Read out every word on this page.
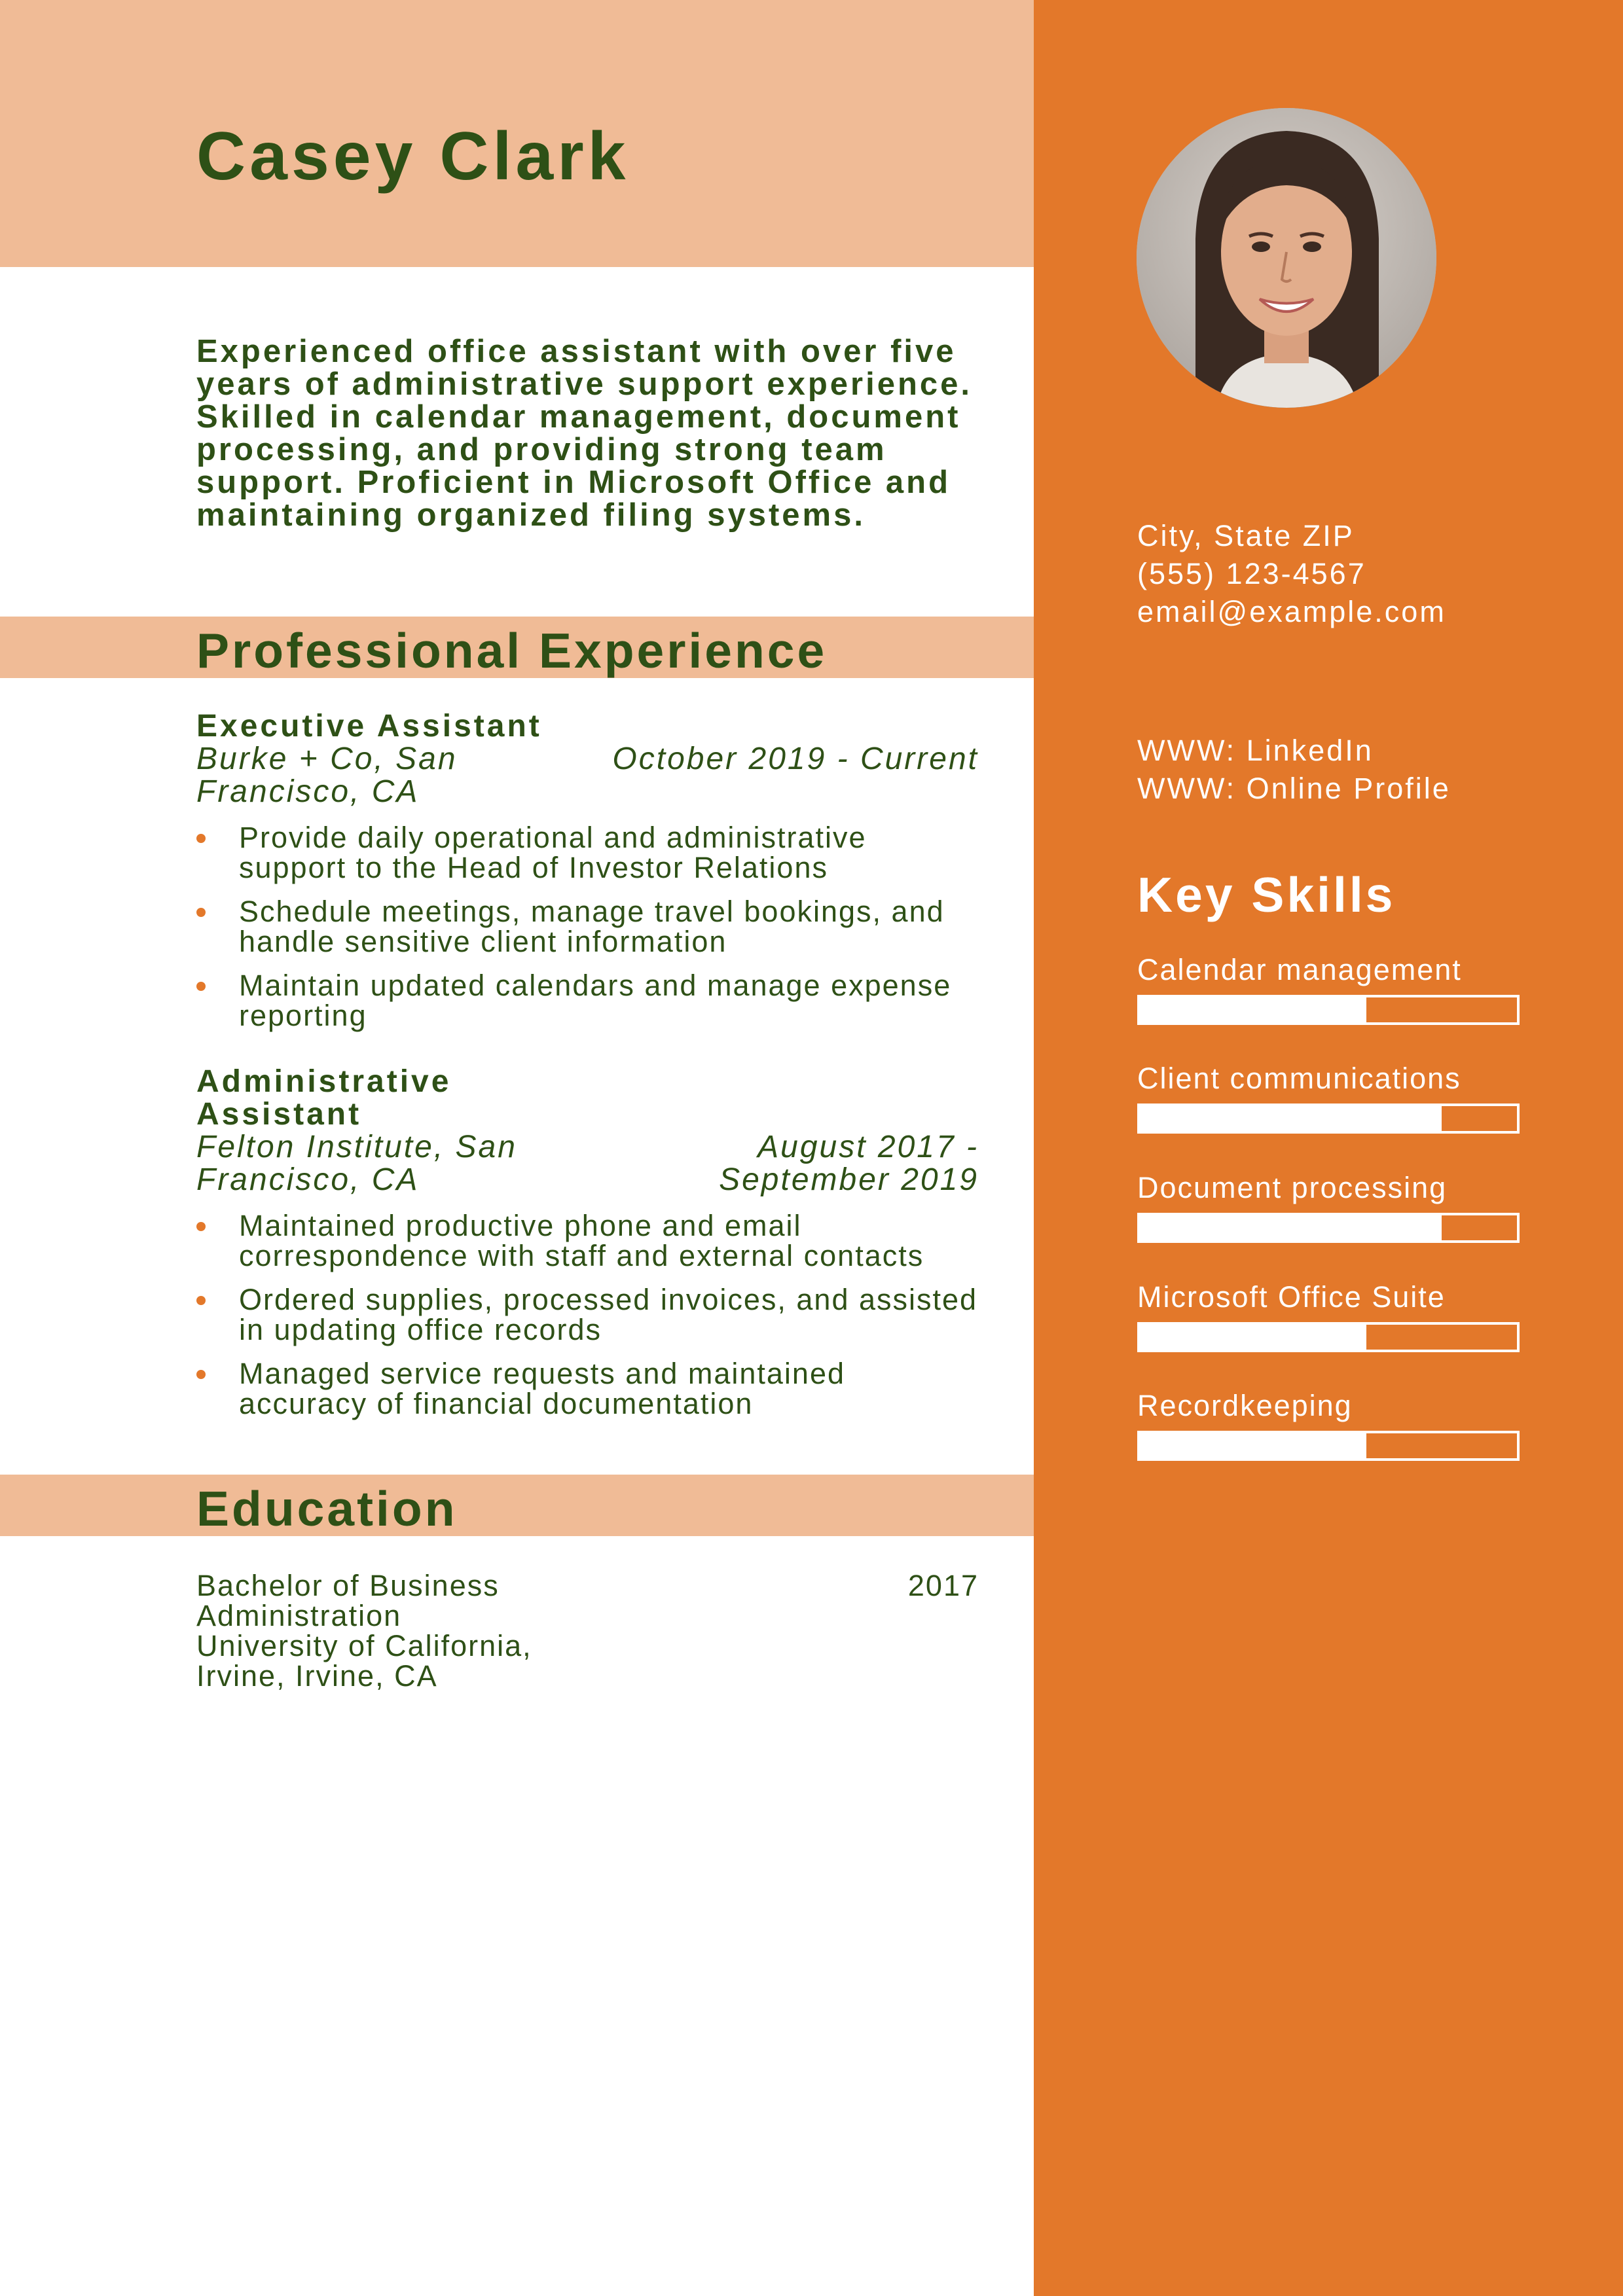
Casey Clark

Experienced office assistant with over five years of administrative support experience. Skilled in calendar management, document processing, and providing strong team support. Proficient in Microsoft Office and maintaining organized filing systems.

Professional Experience
Executive Assistant
Burke + Co, San Francisco, CA
October 2019 - Current
Provide daily operational and administrative support to the Head of Investor Relations
Schedule meetings, manage travel bookings, and handle sensitive client information
Maintain updated calendars and manage expense reporting
Administrative Assistant
Felton Institute, San Francisco, CA
August 2017 - September 2019
Maintained productive phone and email correspondence with staff and external contacts
Ordered supplies, processed invoices, and assisted in updating office records
Managed service requests and maintained accuracy of financial documentation
Education
Bachelor of Business Administration
University of California, Irvine, Irvine, CA
2017
City, State ZIP
(555) 123-4567
email@example.com
WWW: LinkedIn
WWW: Online Profile
Key Skills
Calendar management
Client communications
Document processing
Microsoft Office Suite
Recordkeeping
